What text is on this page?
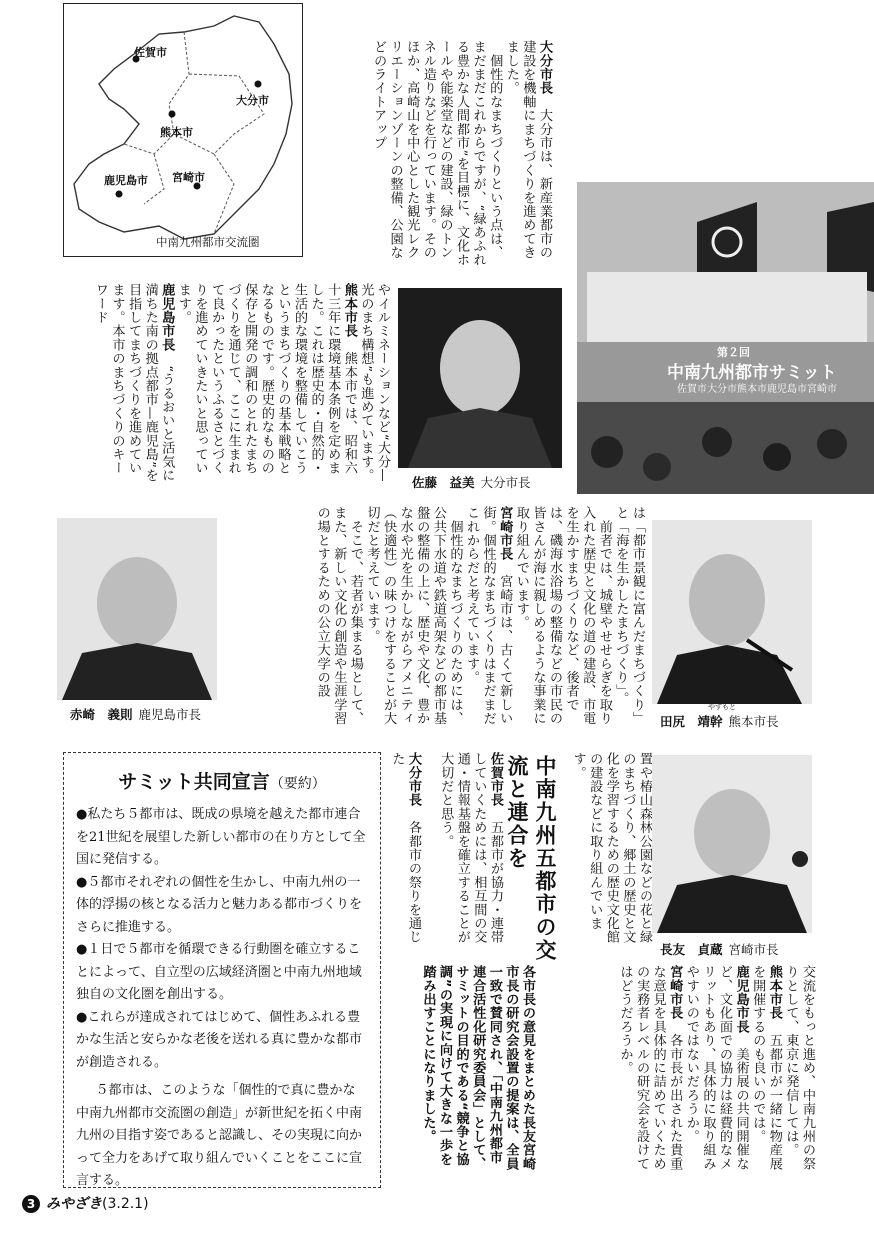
佐賀市
大分市
熊本市
鹿児島市 宮崎市
中南九州都市交流圏
大分市長　大分市は、新産業都市の建設を機軸にまちづくりを進めてきました。
　個性的なまちづくりという点は、まだまだこれからですが、“緑あふれる豊かな人間都市”を目標に、文化ホールや能楽堂などの建設、緑のトンネル造りなどを行っています。そのほか、高崎山を中心とした観光レクリエーションゾーンの整備、公園などのライトアップ
やイルミネーションなど“大分—光のまち構想”も進めています。
熊本市長　熊本市では、昭和六十三年に環境基本条例を定めました。これは歴史的・自然的・生活的な環境を整備していこうというまちづくりの基本戦略となるものです。歴史的なものの保存と開発の調和のとれたまちづくりを通じて、ここに生まれて良かったというふるさとづくりを進めていきたいと思っています。
鹿児島市長　“うるおいと活気に満ちた南の拠点都市—鹿児島”を目指してまちづくりを進めています。本市のまちづくりのキーワード
第２回
中南九州都市サミット
佐賀市大分市熊本市鹿児島市宮崎市
佐藤　益美 大分市長
赤崎　義則 鹿児島市長	は「都市景観に富んだまちづくり」と「海を生かしたまちづくり」。
　前者では、城壁やせせらぎを取り入れた歴史と文化の道の建設、市電を生かすまちづくりなど、後者では、磯海水浴場の整備などの市民の皆さんが海に親しめるような事業に取り組んでいます。
宮崎市長　宮崎市は、古くて新しい街。個性的なまちづくりはまだまだこれからだと考えています。
　個性的なまちづくりのためには、公共下水道や鉄道高架などの都市基盤の整備の上に、歴史や文化、豊かな水や光を生かしながらアメニティ（快適性）の味つけをすることが大切だと考えています。
　そこで、若者が集まる場として、また、新しい文化の創造や生涯学習の場とするための公立大学の設
やすもと
田尻　靖幹 熊本市長
サミット共同宣言（要約）

●私たち５都市は、既成の県境を越えた都市連合を21世紀を展望した新しい都市の在り方として全国に発信する。

●５都市それぞれの個性を生かし、中南九州の一体的浮揚の核となる活力と魅力ある都市づくりをさらに推進する。

●１日で５都市を循環できる行動圏を確立することによって、自立型の広域経済圏と中南九州地域独自の文化圏を創出する。

●これらが達成されてはじめて、個性あふれる豊かな生活と安らかな老後を送れる真に豊かな都市が創造される。

５都市は、このような「個性的で真に豊かな中南九州都市交流圏の創造」が新世紀を拓く中南九州の目指す姿であると認識し、その実現に向かって全力をあげて取り組んでいくことをここに宣言する。

大分市長　各都市の祭りを通じた	佐賀市長　五都市が協力・連帯していくためには、相互間の交通・情報基盤を確立することが大切だと思う。	中南九州五都市の交流と連合を	置や椿山森林公園などの花と緑のまちづくり、郷土の歴史と文化を学習するための歴史文化館の建設などに取り組んでいます。
長友　貞蔵 宮崎市長
各市長の意見をまとめた長友宮崎市長の研究会設置の提案は、全員一致で賛同され、「中南九州都市連合活性化研究委員会」として、サミットの目的である“競争と協調”の実現に向けて大きな一歩を踏み出すことになりました。	交流をもっと進め、中南九州の祭りとして、東京に発信しては。
熊本市長　五都市が一緒に物産展を開催するのも良いのでは。
鹿児島市長　美術展の共同開催など、文化面での協力は経費的なメリットもあり、具体的に取り組みやすいのではないだろうか。
宮崎市長　各市長が出された貴重な意見を具体的に詰めていくための実務者レベルの研究会を設けてはどうだろうか。
3 みやざき(3.2.1)
